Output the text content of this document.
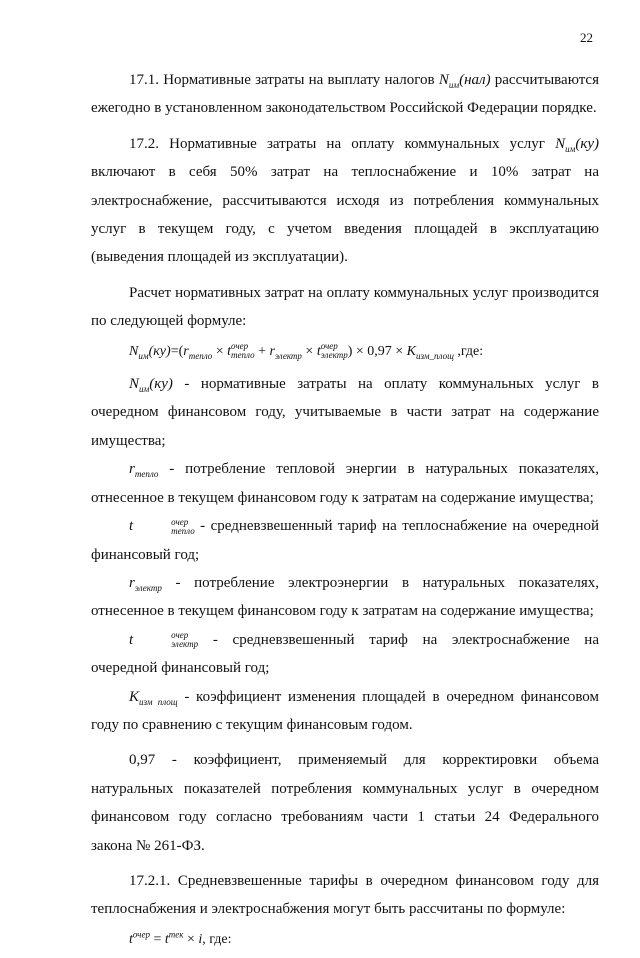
22

17.1. Нормативные затраты на выплату налогов $N_{им}(нал)$ рассчитываются ежегодно в установленном законодательством Российской Федерации порядке.

17.2. Нормативные затраты на оплату коммунальных услуг $N_{им}(ку)$ включают в себя 50% затрат на теплоснабжение и 10% затрат на электроснабжение, рассчитываются исходя из потребления коммунальных услуг в текущем году, с учетом введения площадей в эксплуатацию (выведения площадей из эксплуатации).

Расчет нормативных затрат на оплату коммунальных услуг производится по следующей формуле:

$N_{им}(ку)=(r_{тепло} \times t$ очер
тепло + $r_{электр} \times t$ очер
электр ) × $0,97 \times K_{изм\_площ}$ ,где:

$N_{им}(ку)$ - нормативные затраты на оплату коммунальных услуг в очередном финансовом году, учитываемые в части затрат на содержание имущества;

$r_{тепло}$ - потребление тепловой энергии в натуральных показателях, отнесенное в текущем финансовом году к затратам на содержание имущества;

t	очер
тепло - средневзвешенный тариф на теплоснабжение на очередной финансовый год;

$r_{электр}$ - потребление электроэнергии в натуральных показателях, отнесенное в текущем финансовом году к затратам на содержание имущества;

t	очер
электр - средневзвешенный тариф на электроснабжение на очередной финансовый год;

$K_{изм площ}$ - коэффициент изменения площадей в очередном финансовом году по сравнению с текущим финансовым годом.

0,97 - коэффициент, применяемый для корректировки объема натуральных показателей потребления коммунальных услуг в очередном финансовом году согласно требованиям части 1 статьи 24 Федерального закона № 261-ФЗ.

17.2.1. Средневзвешенные тарифы в очередном финансовом году для теплоснабжения и электроснабжения могут быть рассчитаны по формуле:

$t^{очер} = t^{тек} \times i$, где:
